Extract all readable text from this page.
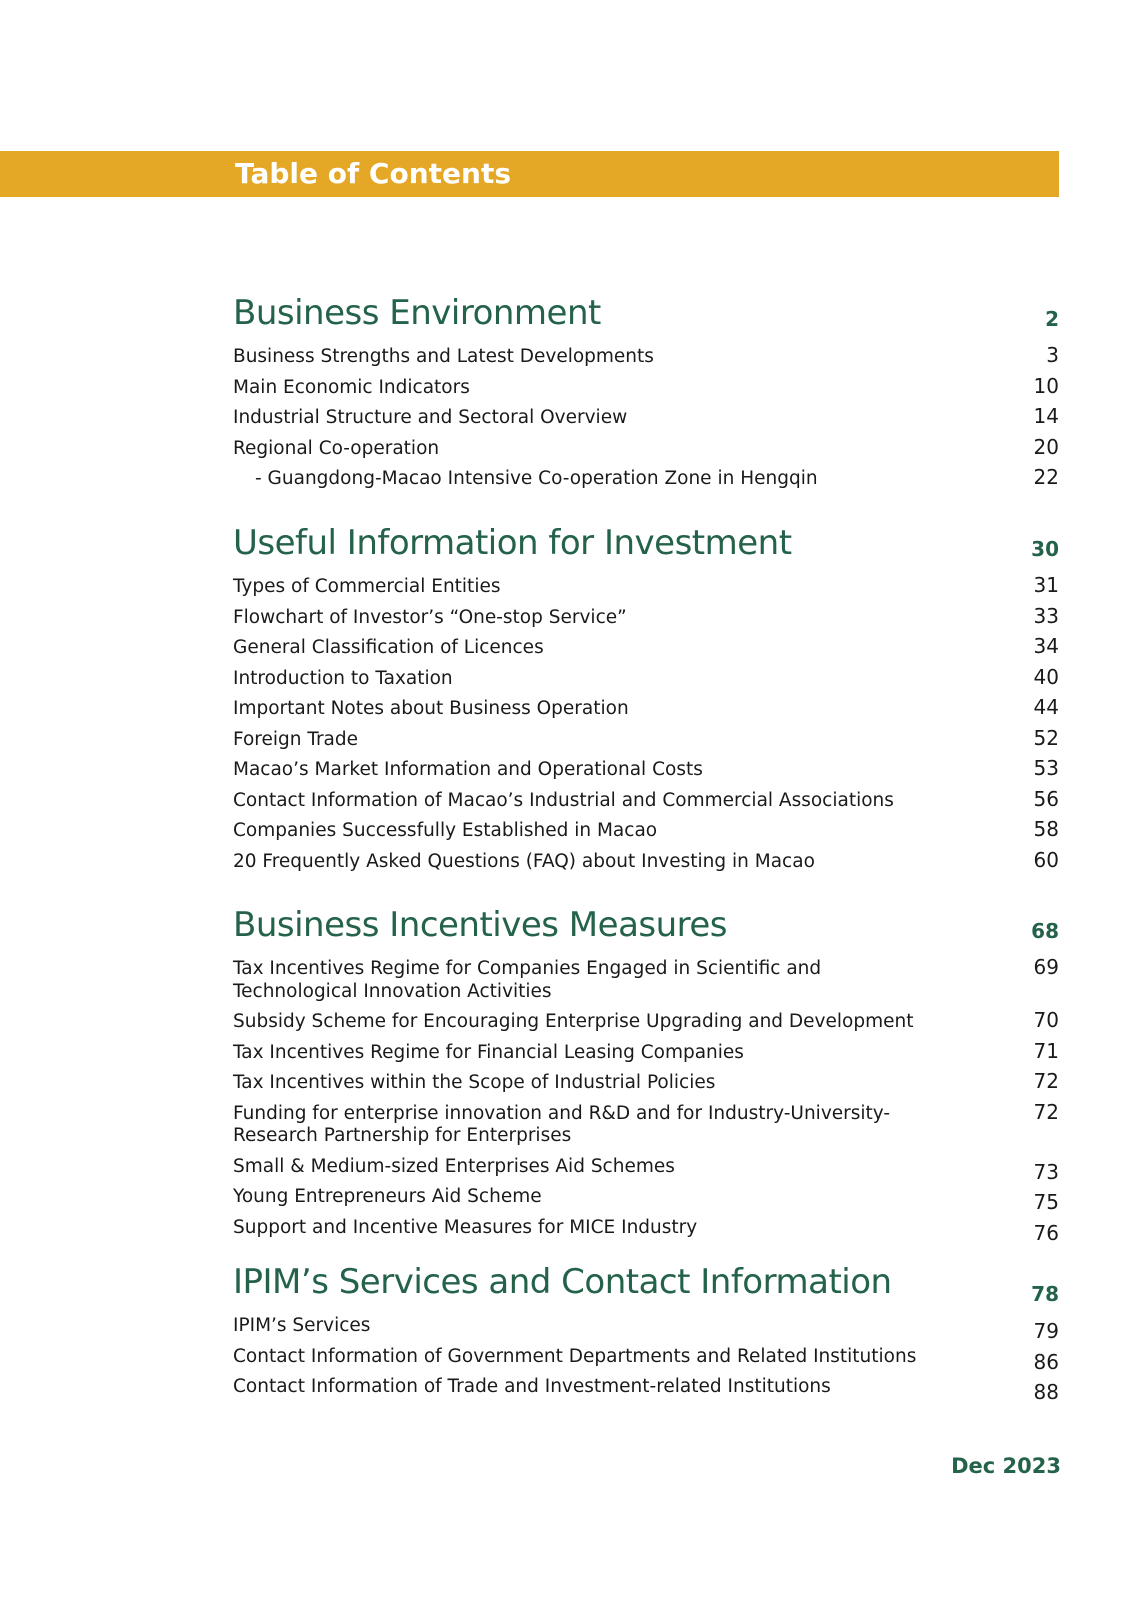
Table of Contents
Business Environment	2
Business Strengths and Latest Developments	3
Main Economic Indicators	10
Industrial Structure and Sectoral Overview	14
Regional Co-operation	20
- Guangdong-Macao Intensive Co-operation Zone in Hengqin	22
Useful Information for Investment	30
Types of Commercial Entities	31
Flowchart of Investor’s “One-stop Service”	33
General Classification of Licences	34
Introduction to Taxation	40
Important Notes about Business Operation	44
Foreign Trade	52
Macao’s Market Information and Operational Costs	53
Contact Information of Macao’s Industrial and Commercial Associations	56
Companies Successfully Established in Macao	58
20 Frequently Asked Questions (FAQ) about Investing in Macao	60
Business Incentives Measures	68
Tax Incentives Regime for Companies Engaged in Scientific and Technological Innovation Activities
69
Subsidy Scheme for Encouraging Enterprise Upgrading and Development	70
Tax Incentives Regime for Financial Leasing Companies	71
Tax Incentives within the Scope of Industrial Policies	72
Funding for enterprise innovation and R&D and for Industry-University-Research Partnership for Enterprises
72
Small & Medium-sized Enterprises Aid Schemes	73
Young Entrepreneurs Aid Scheme	75
Support and Incentive Measures for MICE Industry	76
IPIM’s Services and Contact Information	78
IPIM’s Services	79
Contact Information of Government Departments and Related Institutions	86
Contact Information of Trade and Investment-related Institutions	88
Dec 2023
